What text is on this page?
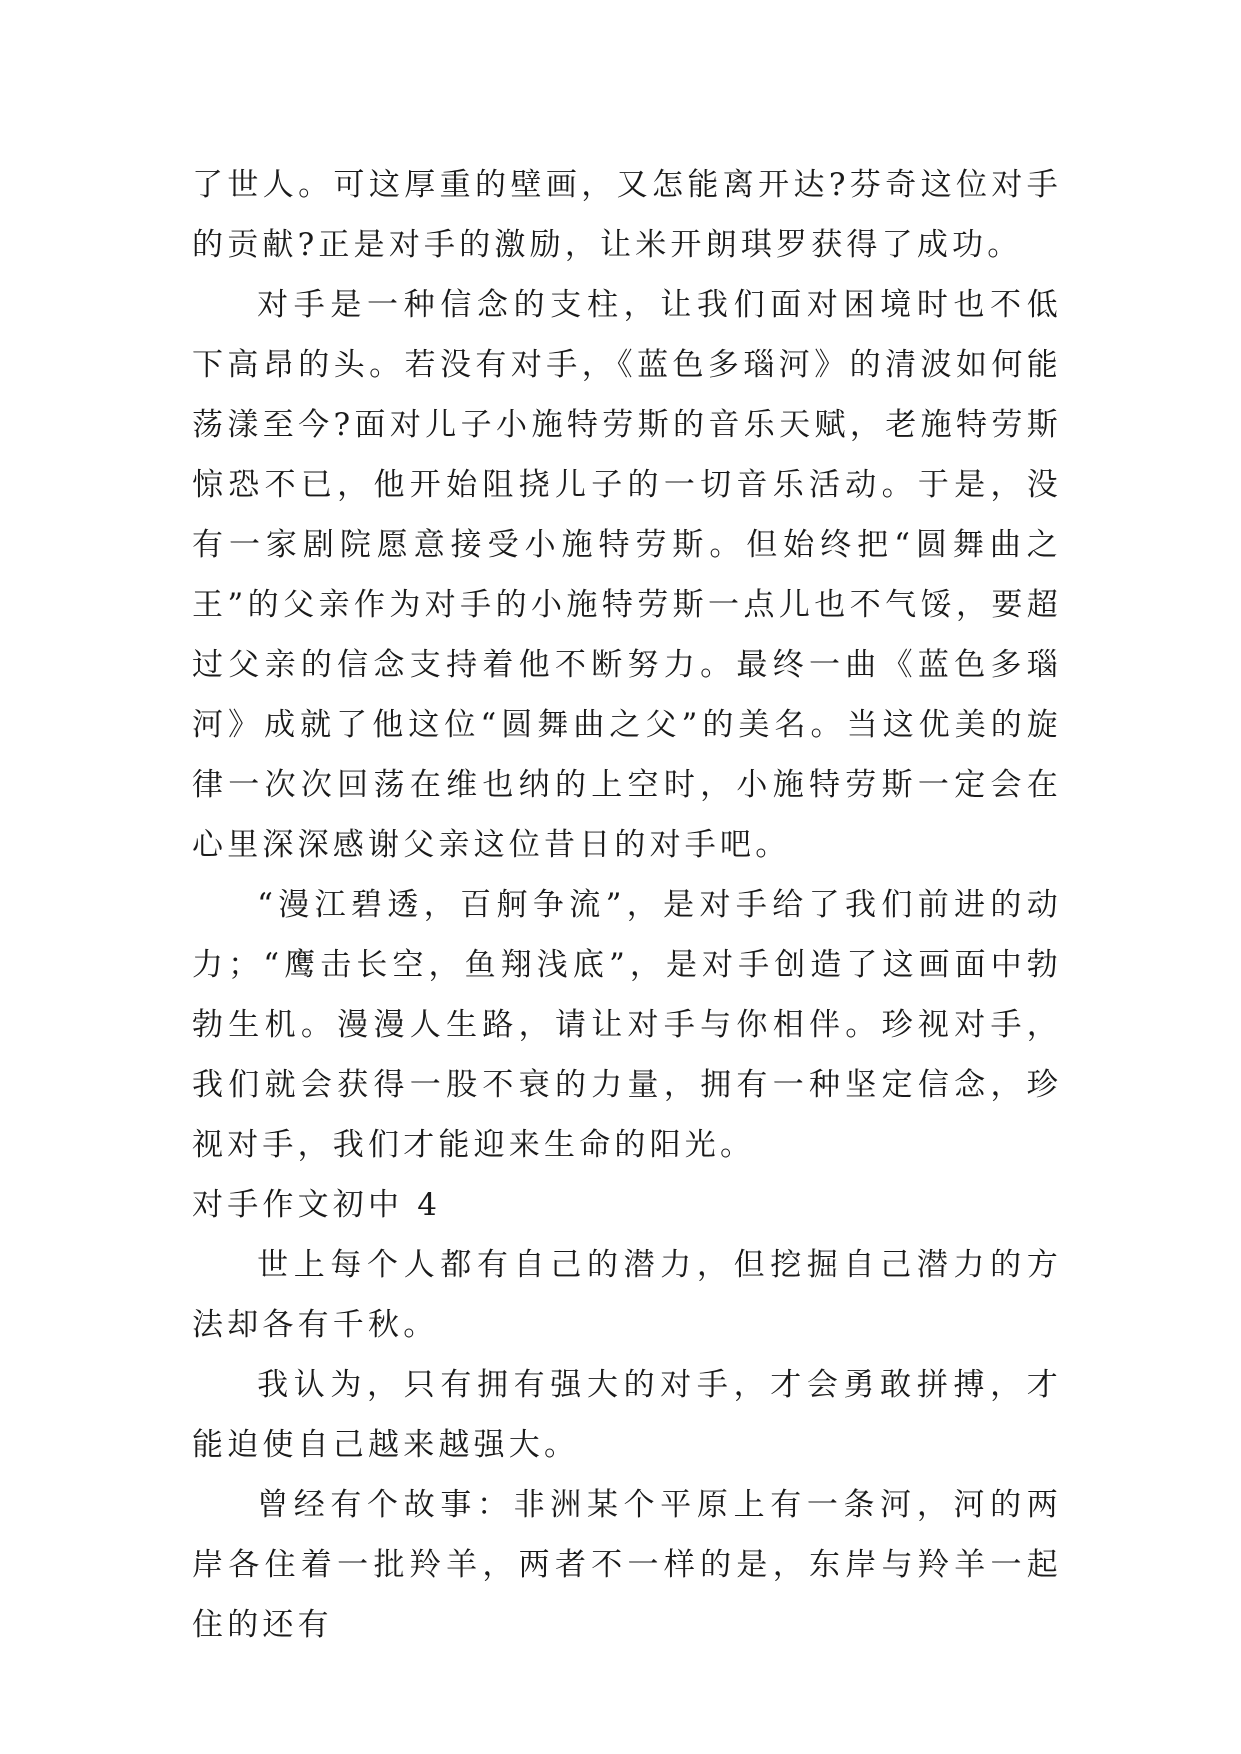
了世人。可这厚重的壁画，又怎能离开达?芬奇这位对手的贡献?正是对手的激励，让米开朗琪罗获得了成功。

对手是一种信念的支柱，让我们面对困境时也不低下高昂的头。若没有对手，《蓝色多瑙河》的清波如何能荡漾至今?面对儿子小施特劳斯的音乐天赋，老施特劳斯惊恐不已，他开始阻挠儿子的一切音乐活动。于是，没有一家剧院愿意接受小施特劳斯。但始终把“圆舞曲之王”的父亲作为对手的小施特劳斯一点儿也不气馁，要超过父亲的信念支持着他不断努力。最终一曲《蓝色多瑙河》成就了他这位“圆舞曲之父”的美名。当这优美的旋律一次次回荡在维也纳的上空时，小施特劳斯一定会在心里深深感谢父亲这位昔日的对手吧。

“漫江碧透，百舸争流”，是对手给了我们前进的动力；“鹰击长空，鱼翔浅底”，是对手创造了这画面中勃勃生机。漫漫人生路，请让对手与你相伴。珍视对手，我们就会获得一股不衰的力量，拥有一种坚定信念，珍视对手，我们才能迎来生命的阳光。

对手作文初中 4

世上每个人都有自己的潜力，但挖掘自己潜力的方法却各有千秋。

我认为，只有拥有强大的对手，才会勇敢拼搏，才能迫使自己越来越强大。

曾经有个故事：非洲某个平原上有一条河，河的两岸各住着一批羚羊，两者不一样的是，东岸与羚羊一起住的还有
